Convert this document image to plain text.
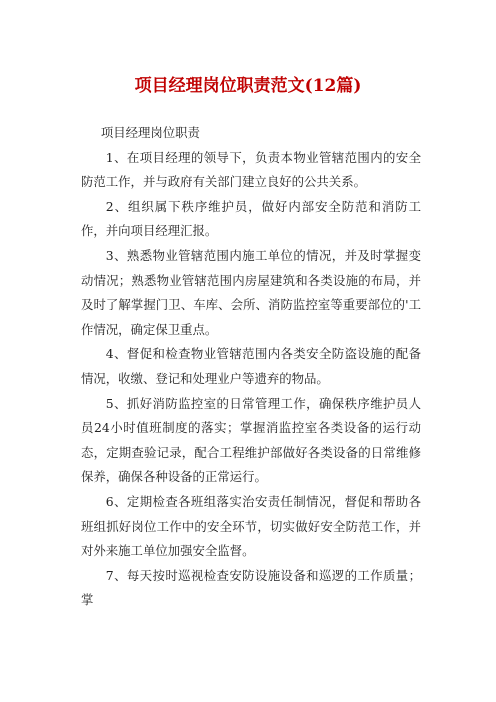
项目经理岗位职责范文(12篇)
项目经理岗位职责

1、在项目经理的领导下，负责本物业管辖范围内的安全防范工作，并与政府有关部门建立良好的公共关系。

2、组织属下秩序维护员，做好内部安全防范和消防工作，并向项目经理汇报。

3、熟悉物业管辖范围内施工单位的情况，并及时掌握变动情况；熟悉物业管辖范围内房屋建筑和各类设施的布局，并及时了解掌握门卫、车库、会所、消防监控室等重要部位的'工作情况，确定保卫重点。

4、督促和检查物业管辖范围内各类安全防盗设施的配备情况，收缴、登记和处理业户等遗弃的物品。

5、抓好消防监控室的日常管理工作，确保秩序维护员人员24小时值班制度的落实；掌握消监控室各类设备的运行动态，定期查验记录，配合工程维护部做好各类设备的日常维修保养，确保各种设备的正常运行。

6、定期检查各班组落实治安责任制情况，督促和帮助各班组抓好岗位工作中的安全环节，切实做好安全防范工作，并对外来施工单位加强安全监督。

7、每天按时巡视检查安防设施设备和巡逻的工作质量；掌
